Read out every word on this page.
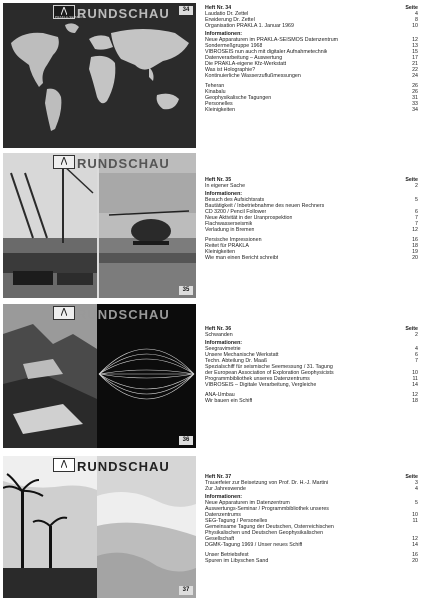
PRAKLA-SEISMOS
RUNDSCHAU	34	Heft Nr. 34	Seite
Laudatio Dr. Zettel	4
Erwiderung Dr. Zettel	8
Organisation PRAKLA 1. Januar 1969	10
Informationen:
Neue Apparaturen im PRAKLA-SEISMOS Datenzentrum	12
Sondermeßgruppe 1968	13
VIBROSEIS nun auch mit digitaler Aufnahmetechnik	15
Datenverarbeitung – Auswertung	17
Die PRAKLA-eigene Kfz-Werkstatt	21
Was ist Holographie?	22
Kontinuierliche Wasserzuflußmessungen	24
Teheran	26
Kinabalu	26
Geophysikalische Tagungen	31
Personelles	33
Kleinigkeiten	34
RUNDSCHAU
35
Heft Nr. 35	Seite
In eigener Sache	2
Informationen:
Besuch des Aufsichtsrats	5
Bautätigkeit / Inbetriebnahme des neuen Rechners
CD 3200 / Pencil Follower	6
Neue Aktivität in der Uranprospektion	7
Flachwasserseismik	7
Verladung in Bremen	12
Persische Impressionen	16
Reitet für PRAKLA	18
Kleinigkeiten	19
Wie man einen Bericht schreibt	20
RUNDSCHAU
36
Heft Nr. 36	Seite
Schwanden	2
Informationen:
Seegravimetrie	4
Unsere Mechanische Werkstatt	6
Techn. Abteilung Dr. Maaß	7
Spezialschiff für seismische Seemessung / 31. Tagung
der European Association of Exploration Geophysicists	10
Programmbibliothek unseres Datenzentrums	11
VIBROSEIS – Digitale Verarbeitung, Vergleiche	14
ANA-Umbau	12
Wir bauen ein Schiff	18
RUNDSCHAU
37
Heft Nr. 37	Seite
Trauerfeier zur Beisetzung von Prof. Dr. H.-J. Martini	3
Zur Jahreswende	4
Informationen:
Neue Apparaturen im Datenzentrum	5
Auswertungs-Seminar / Programmbibliothek unseres
Datenzentrums	10
SEG-Tagung / Personelles	11
Gemeinsame Tagung der Deutschen, Österreichischen
Physikalischen und Deutschen Geophysikalischen
Gesellschaft	12
DGMK-Tagung 1969 / Unser neues Schiff	14
Unser Betriebsfest	16
Spuren im Libyschen Sand	20
